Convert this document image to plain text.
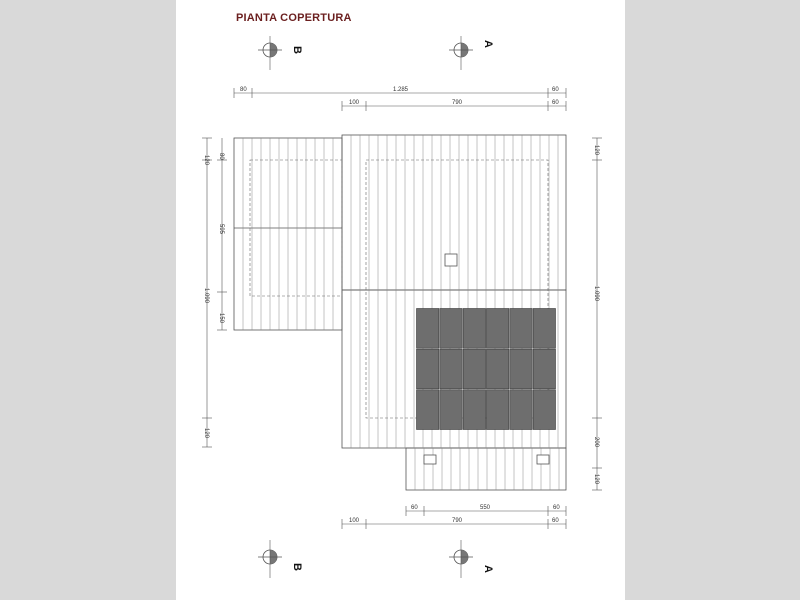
PIANTA COPERTURA
B
A
B	A
80	1.285	60
100	790	60
60	550	60
100	790	60
120 80
595
1.090
150
120
120
1.090
200
120
